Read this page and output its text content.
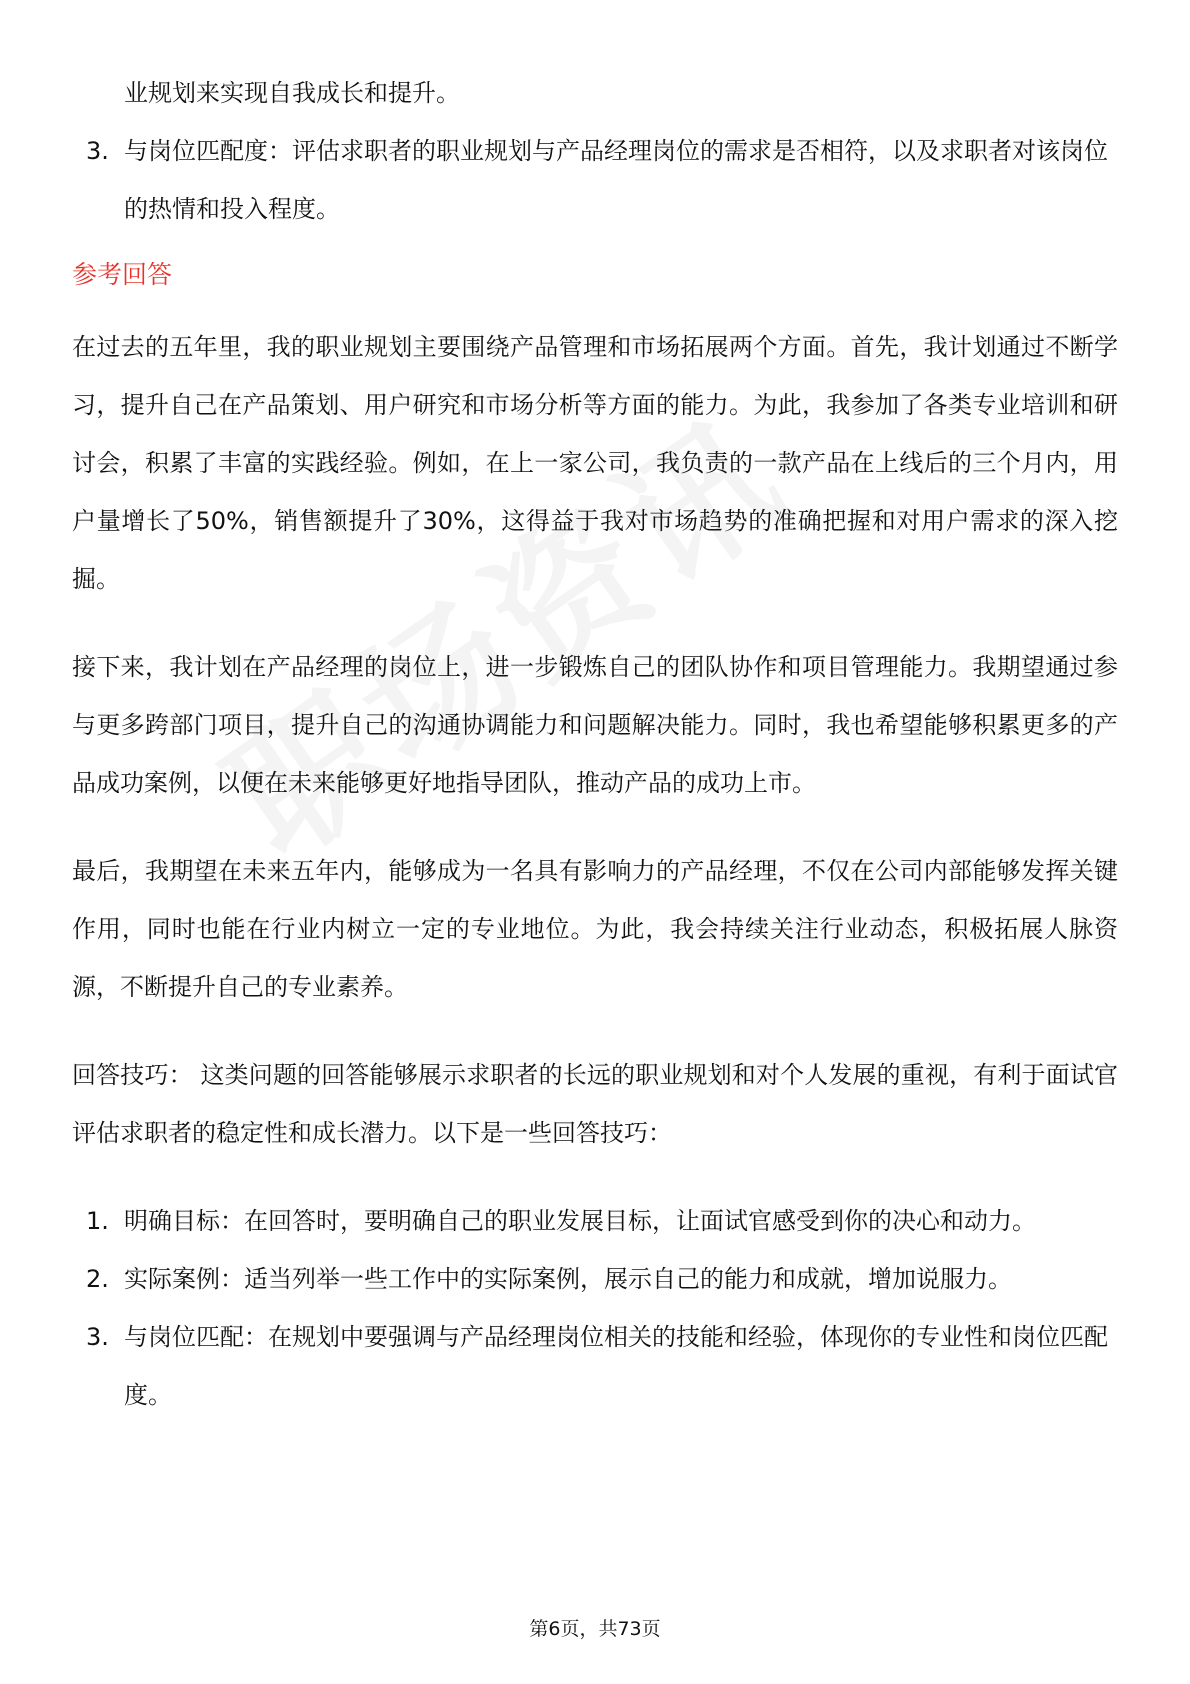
业规划来实现自我成长和提升。

3. 与岗位匹配度：评估求职者的职业规划与产品经理岗位的需求是否相符，以及求职者对该岗位的热情和投入程度。
参考回答

在过去的五年里，我的职业规划主要围绕产品管理和市场拓展两个方面。首先，我计划通过不断学习，提升自己在产品策划、用户研究和市场分析等方面的能力。为此，我参加了各类专业培训和研讨会，积累了丰富的实践经验。例如，在上一家公司，我负责的一款产品在上线后的三个月内，用户量增长了50%，销售额提升了30%，这得益于我对市场趋势的准确把握和对用户需求的深入挖掘。

接下来，我计划在产品经理的岗位上，进一步锻炼自己的团队协作和项目管理能力。我期望通过参与更多跨部门项目，提升自己的沟通协调能力和问题解决能力。同时，我也希望能够积累更多的产品成功案例，以便在未来能够更好地指导团队，推动产品的成功上市。

最后，我期望在未来五年内，能够成为一名具有影响力的产品经理，不仅在公司内部能够发挥关键作用，同时也能在行业内树立一定的专业地位。为此，我会持续关注行业动态，积极拓展人脉资源，不断提升自己的专业素养。

回答技巧： 这类问题的回答能够展示求职者的长远的职业规划和对个人发展的重视，有利于面试官评估求职者的稳定性和成长潜力。以下是一些回答技巧：

1. 明确目标：在回答时，要明确自己的职业发展目标，让面试官感受到你的决心和动力。
2. 实际案例：适当列举一些工作中的实际案例，展示自己的能力和成就，增加说服力。
3. 与岗位匹配：在规划中要强调与产品经理岗位相关的技能和经验，体现你的专业性和岗位匹配度。
第6页，共73页
